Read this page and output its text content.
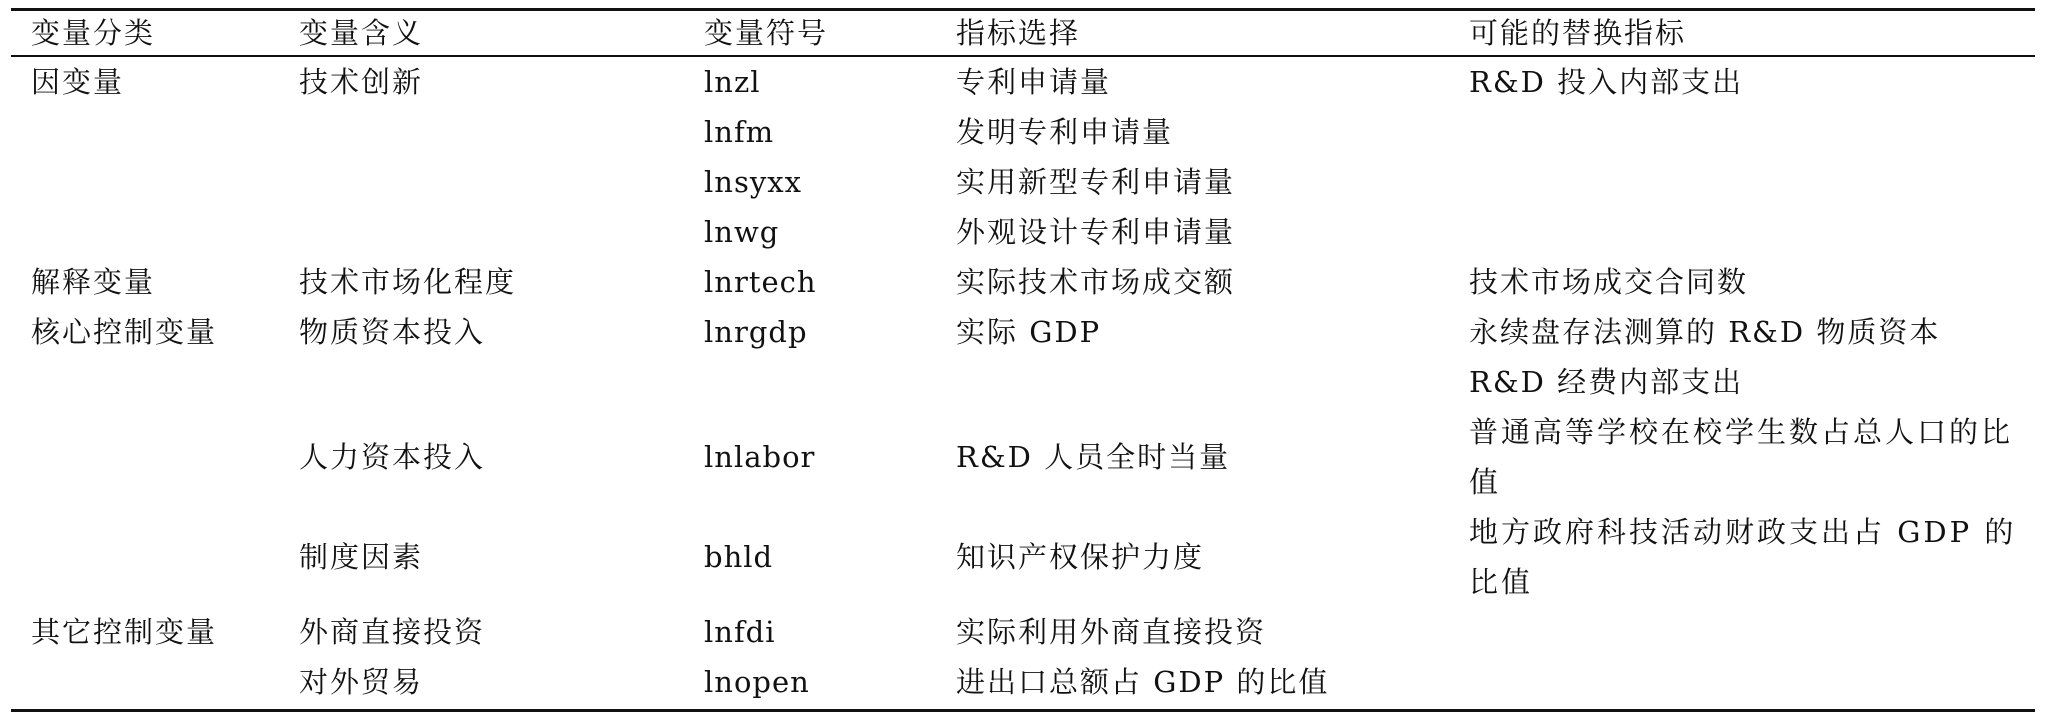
变量分类	变量含义	变量符号	指标选择	可能的替换指标

因变量	技术创新	lnzl	专利申请量	R&D 投入内部支出
		lnfm	发明专利申请量	
		lnsyxx	实用新型专利申请量	
		lnwg	外观设计专利申请量	
解释变量	技术市场化程度	lnrtech	实际技术市场成交额	技术市场成交合同数
核心控制变量	物质资本投入	lnrgdp	实际 GDP	永续盘存法测算的 R&D 物质资本
				R&D 经费内部支出
	人力资本投入	lnlabor	R&D 人员全时当量	普通高等学校在校学生数占总人口的比值
	制度因素	bhld	知识产权保护力度	地方政府科技活动财政支出占 GDP 的比值
其它控制变量	外商直接投资	lnfdi	实际利用外商直接投资	
	对外贸易	lnopen	进出口总额占 GDP 的比值	
